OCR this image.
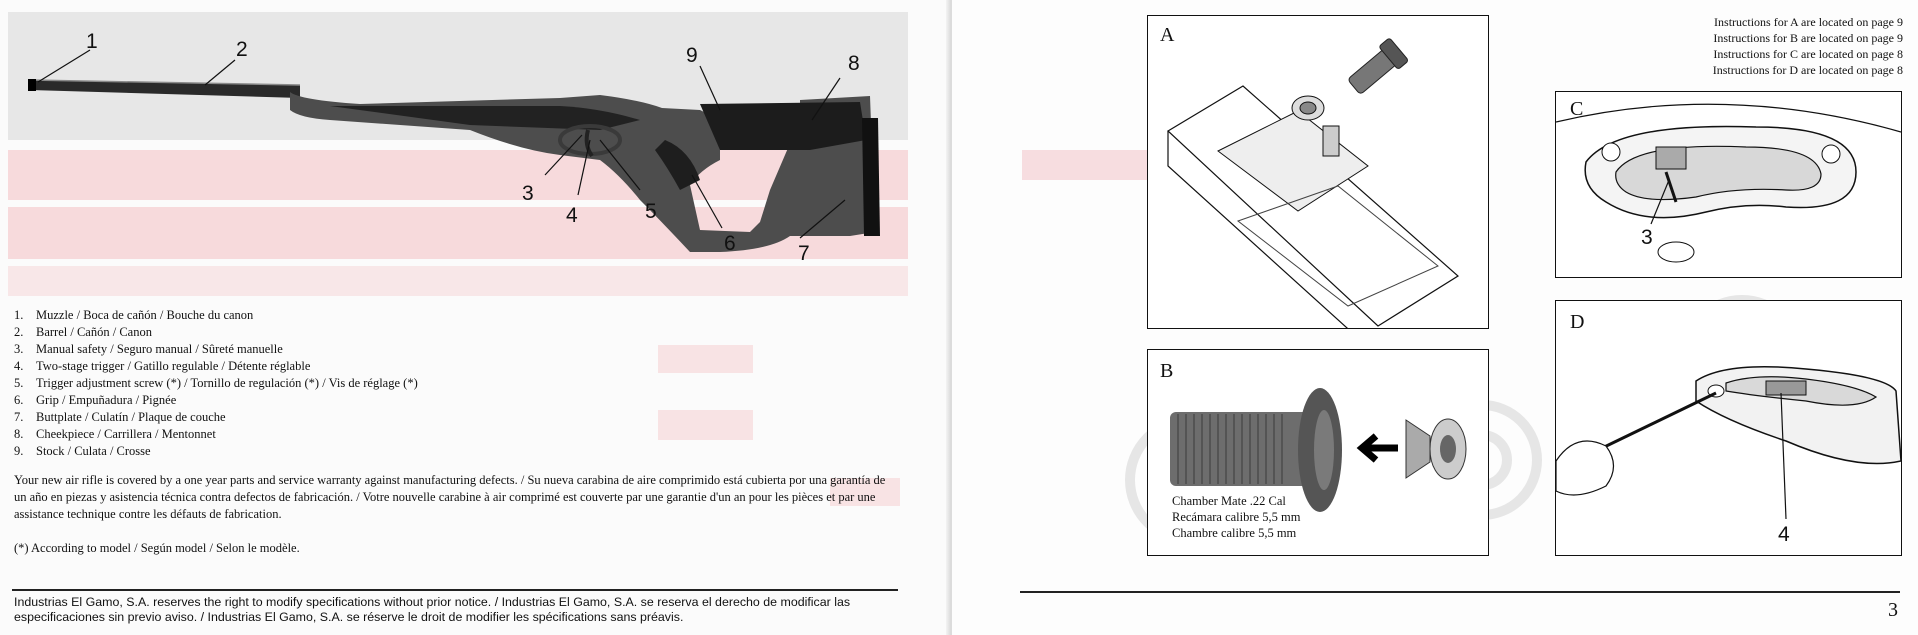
1	2
3
4	5
6	7
8
9
1. Muzzle / Boca de cañón / Bouche du canon
2. Barrel / Cañón / Canon
3. Manual safety / Seguro manual / Sûreté manuelle
4. Two-stage trigger / Gatillo regulable / Détente réglable
5. Trigger adjustment screw (*) / Tornillo de regulación (*) / Vis de réglage (*)
6. Grip / Empuñadura / Pignée
7. Buttplate / Culatín / Plaque de couche
8. Cheekpiece / Carrillera / Mentonnet
9. Stock / Culata / Crosse

Your new air rifle is covered by a one year parts and service warranty against manufacturing defects. / Su nueva carabina de aire comprimido está cubierta por una garantía de un año en piezas y asistencia técnica contra defectos de fabricación. / Votre nouvelle carabine à air comprimé est couverte par une garantie d'un an pour les pièces et par une assistance technique contre les défauts de fabrication.

(*) According to model / Según model / Selon le modèle.

Industrias El Gamo, S.A. reserves the right to modify specifications without prior notice. / Industrias El Gamo, S.A. se reserva el derecho de modificar las especificaciones sin previo aviso. / Industrias El Gamo, S.A. se réserve le droit de modifier les spécifications sans préavis.

Instructions for A are located on page 9
Instructions for B are located on page 9
Instructions for C are located on page 8
Instructions for D are located on page 8
A
B

Chamber Mate .22 Cal
Recámara calibre 5,5 mm
Chambre calibre 5,5 mm

3
C
4
D
3
